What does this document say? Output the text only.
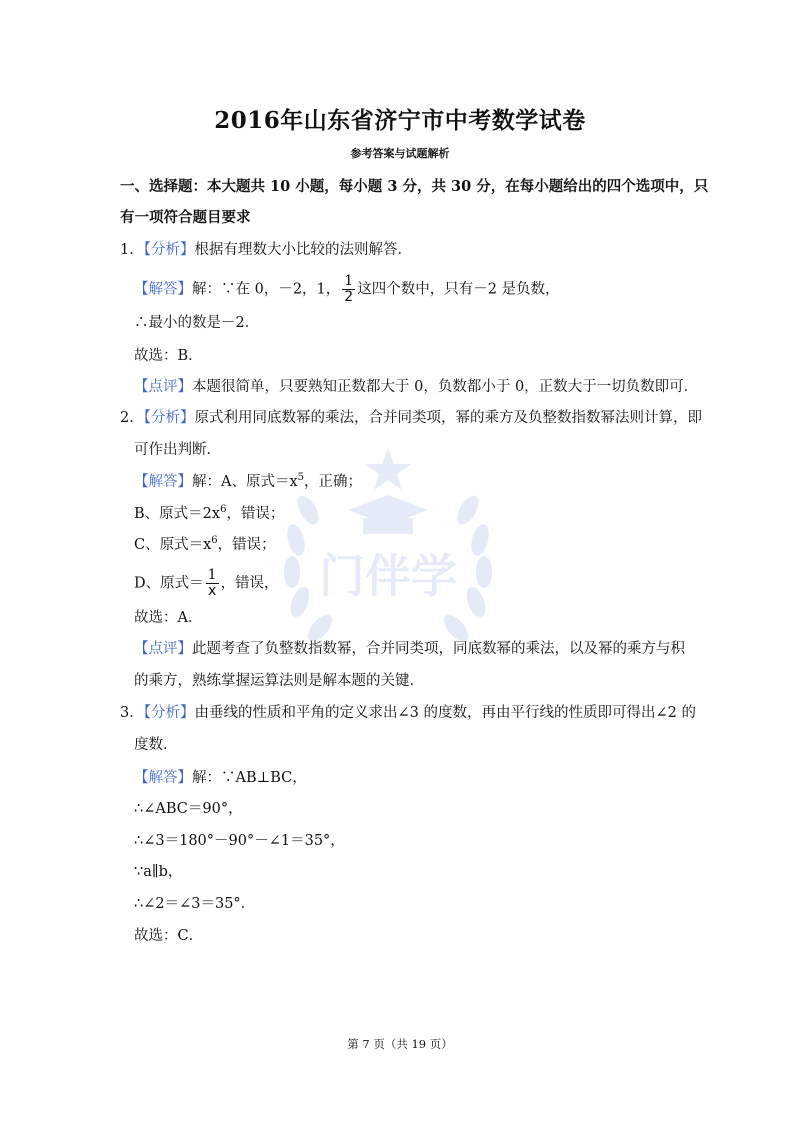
门伴学
2016年山东省济宁市中考数学试卷
参考答案与试题解析
一、选择题：本大题共 10 小题，每小题 3 分，共 30 分，在每小题给出的四个选项中，只
有一项符合题目要求
1．【分析】根据有理数大小比较的法则解答．
【解答】解：∵在 0，－2，1， $\frac{1}{2}$ 这四个数中，只有－2 是负数，
∴最小的数是－2．
故选：B．
【点评】本题很简单，只要熟知正数都大于 0，负数都小于 0，正数大于一切负数即可．
2．【分析】原式利用同底数幂的乘法，合并同类项，幂的乘方及负整数指数幂法则计算，即
可作出判断．
【解答】解：A、原式$=x^5$，正确；
B、原式$=2x^6$，错误；
C、原式$=x^6$，错误；
D、原式＝ $\frac{1}{x}$ ，错误，
故选：A．
【点评】此题考查了负整数指数幂，合并同类项，同底数幂的乘法，以及幂的乘方与积
的乘方，熟练掌握运算法则是解本题的关键．
3．【分析】由垂线的性质和平角的定义求出∠3 的度数，再由平行线的性质即可得出∠2 的
度数．
【解答】解：∵AB⊥BC，
∴∠ABC＝90°，
∴∠3＝180°－90°－∠1＝35°，
∵a∥b，
∴∠2＝∠3＝35°．
故选：C．
第 7 页（共 19 页）
